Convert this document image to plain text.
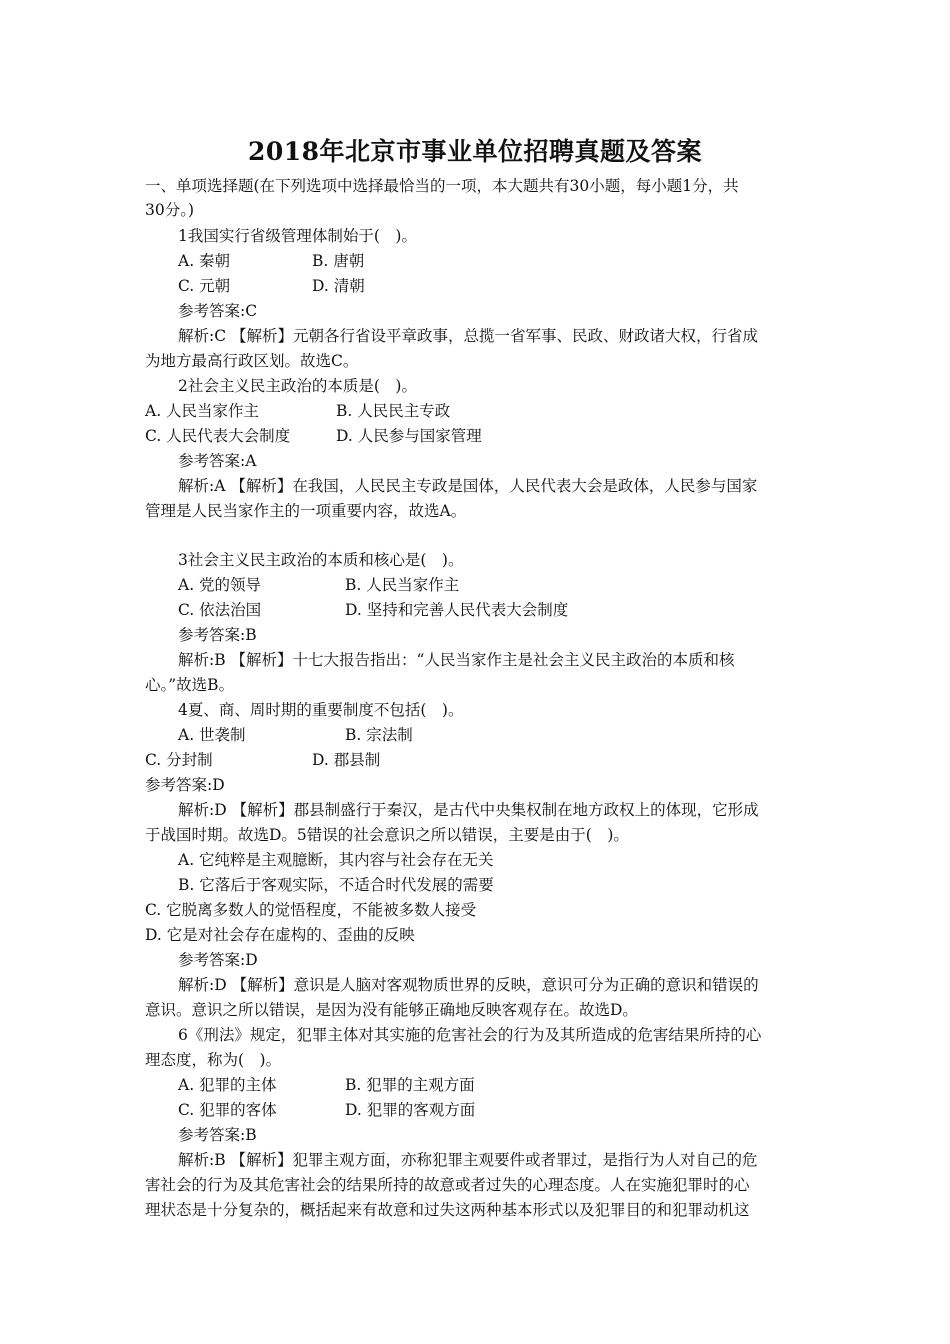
2018年北京市事业单位招聘真题及答案
一、单项选择题(在下列选项中选择最恰当的一项，本大题共有30小题，每小题1分，共
30分。)
1我国实行省级管理体制始于(　)。
A. 秦朝	B. 唐朝
C. 元朝	D. 清朝
参考答案:C
解析:C 【解析】元朝各行省设平章政事，总揽一省军事、民政、财政诸大权，行省成
为地方最高行政区划。故选C。
2社会主义民主政治的本质是(　)。
A. 人民当家作主	B. 人民民主专政
C. 人民代表大会制度	D. 人民参与国家管理
参考答案:A
解析:A 【解析】在我国，人民民主专政是国体，人民代表大会是政体，人民参与国家
管理是人民当家作主的一项重要内容，故选A。
3社会主义民主政治的本质和核心是(　)。
A. 党的领导	B. 人民当家作主
C. 依法治国	D. 坚持和完善人民代表大会制度
参考答案:B
解析:B 【解析】十七大报告指出：“人民当家作主是社会主义民主政治的本质和核
心。”故选B。
4夏、商、周时期的重要制度不包括(　)。
A. 世袭制	B. 宗法制
C. 分封制	D. 郡县制
参考答案:D
解析:D 【解析】郡县制盛行于秦汉，是古代中央集权制在地方政权上的体现，它形成
于战国时期。故选D。5错误的社会意识之所以错误，主要是由于(　)。
A. 它纯粹是主观臆断，其内容与社会存在无关
B. 它落后于客观实际，不适合时代发展的需要
C. 它脱离多数人的觉悟程度，不能被多数人接受
D. 它是对社会存在虚构的、歪曲的反映
参考答案:D
解析:D 【解析】意识是人脑对客观物质世界的反映，意识可分为正确的意识和错误的
意识。意识之所以错误，是因为没有能够正确地反映客观存在。故选D。
6《刑法》规定，犯罪主体对其实施的危害社会的行为及其所造成的危害结果所持的心
理态度，称为(　)。
A. 犯罪的主体	B. 犯罪的主观方面
C. 犯罪的客体	D. 犯罪的客观方面
参考答案:B
解析:B 【解析】犯罪主观方面，亦称犯罪主观要件或者罪过，是指行为人对自己的危
害社会的行为及其危害社会的结果所持的故意或者过失的心理态度。人在实施犯罪时的心
理状态是十分复杂的，概括起来有故意和过失这两种基本形式以及犯罪目的和犯罪动机这
